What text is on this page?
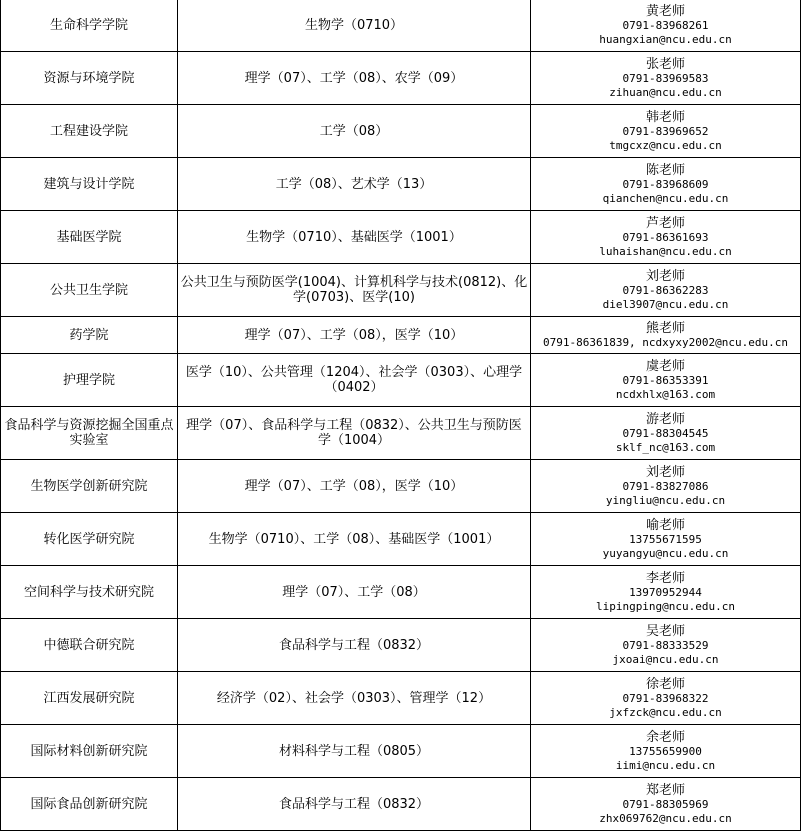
生命科学学院	生物学（0710）	黄老师
0791-83968261
huangxian@ncu.edu.cn

资源与环境学院	理学（07）、工学（08）、农学（09）	张老师
0791-83969583
zihuan@ncu.edu.cn

工程建设学院	工学（08）	韩老师
0791-83969652
tmgcxz@ncu.edu.cn

建筑与设计学院	工学（08）、艺术学（13）	陈老师
0791-83968609
qianchen@ncu.edu.cn

基础医学院	生物学（0710）、基础医学（1001）	芦老师
0791-86361693
luhaishan@ncu.edu.cn

公共卫生学院	公共卫生与预防医学(1004)、计算机科学与技术(0812)、化学(0703)、医学(10)	刘老师
0791-86362283
diel3907@ncu.edu.cn

药学院	理学（07）、工学（08），医学（10）	熊老师
0791-86361839, ncdxyxy2002@ncu.edu.cn

护理学院	医学（10）、公共管理（1204）、社会学（0303）、心理学（0402）	虞老师
0791-86353391
ncdxhlx@163.com

食品科学与资源挖掘全国重点实验室	理学（07）、食品科学与工程（0832）、公共卫生与预防医学（1004）	游老师
0791-88304545
sklf_nc@163.com

生物医学创新研究院	理学（07）、工学（08），医学（10）	刘老师
0791-83827086
yingliu@ncu.edu.cn

转化医学研究院	生物学（0710）、工学（08）、基础医学（1001）	喻老师
13755671595
yuyangyu@ncu.edu.cn

空间科学与技术研究院	理学（07）、工学（08）	李老师
13970952944
lipingping@ncu.edu.cn

中德联合研究院	食品科学与工程（0832）	吴老师
0791-88333529
jxoai@ncu.edu.cn

江西发展研究院	经济学（02）、社会学（0303）、管理学（12）	徐老师
0791-83968322
jxfzck@ncu.edu.cn

国际材料创新研究院	材料科学与工程（0805）	余老师
13755659900
iimi@ncu.edu.cn

国际食品创新研究院	食品科学与工程（0832）	郑老师
0791-88305969
zhx069762@ncu.edu.cn
